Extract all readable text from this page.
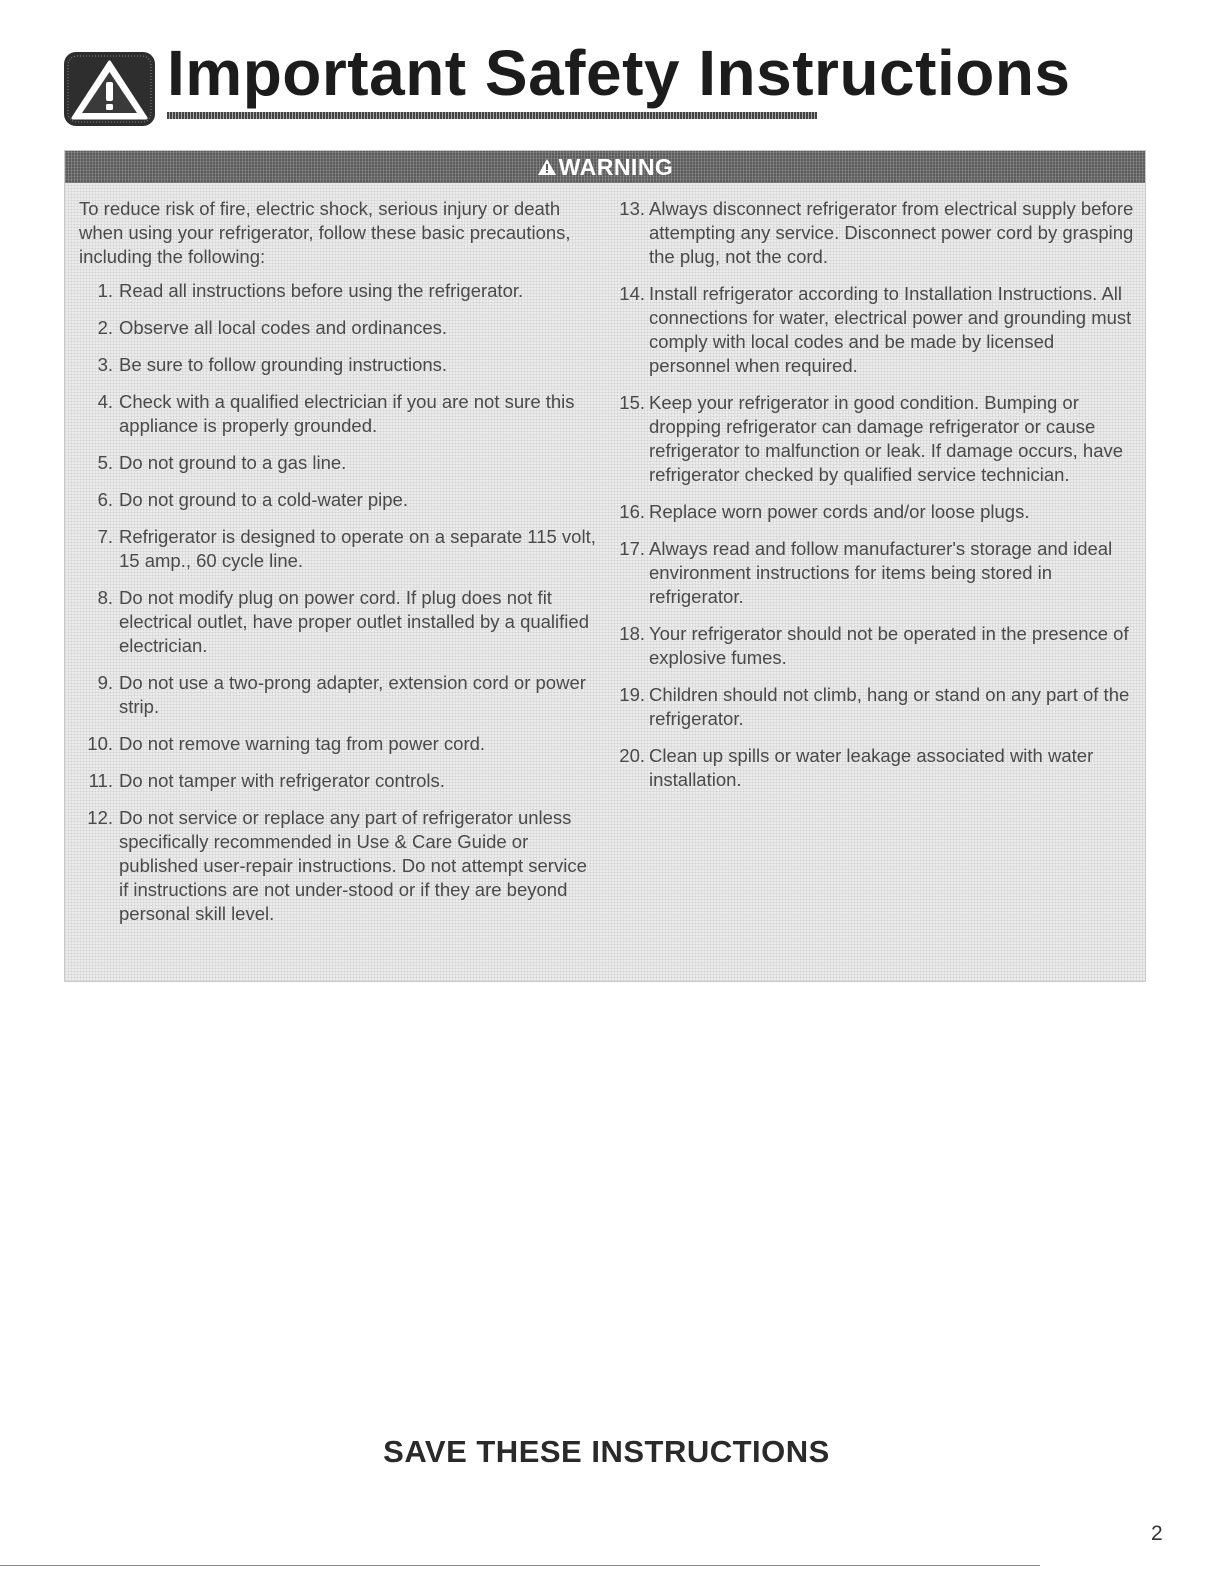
Important Safety Instructions
WARNING

To reduce risk of fire, electric shock, serious injury or death when using your refrigerator, follow these basic precautions, including the following:

1. Read all instructions before using the refrigerator.
2. Observe all local codes and ordinances.
3. Be sure to follow grounding instructions.
4. Check with a qualified electrician if you are not sure this appliance is properly grounded.
5. Do not ground to a gas line.
6. Do not ground to a cold-water pipe.
7. Refrigerator is designed to operate on a separate 115 volt, 15 amp., 60 cycle line.
8. Do not modify plug on power cord. If plug does not fit electrical outlet, have proper outlet installed by a qualified electrician.
9. Do not use a two-prong adapter, extension cord or power strip.
10. Do not remove warning tag from power cord.
11. Do not tamper with refrigerator controls.
12. Do not service or replace any part of refrigerator unless specifically recommended in Use & Care Guide or published user-repair instructions. Do not attempt service if instructions are not under-stood or if they are beyond personal skill level.
13. Always disconnect refrigerator from electrical supply before attempting any service. Disconnect power cord by grasping the plug, not the cord.
14. Install refrigerator according to Installation Instructions. All connections for water, electrical power and grounding must comply with local codes and be made by licensed personnel when required.
15. Keep your refrigerator in good condition. Bumping or dropping refrigerator can damage refrigerator or cause refrigerator to malfunction or leak. If damage occurs, have refrigerator checked by qualified service technician.
16. Replace worn power cords and/or loose plugs.
17. Always read and follow manufacturer's storage and ideal environment instructions for items being stored in refrigerator.
18. Your refrigerator should not be operated in the presence of explosive fumes.
19. Children should not climb, hang or stand on any part of the refrigerator.
20. Clean up spills or water leakage associated with water installation.
SAVE THESE INSTRUCTIONS
2
